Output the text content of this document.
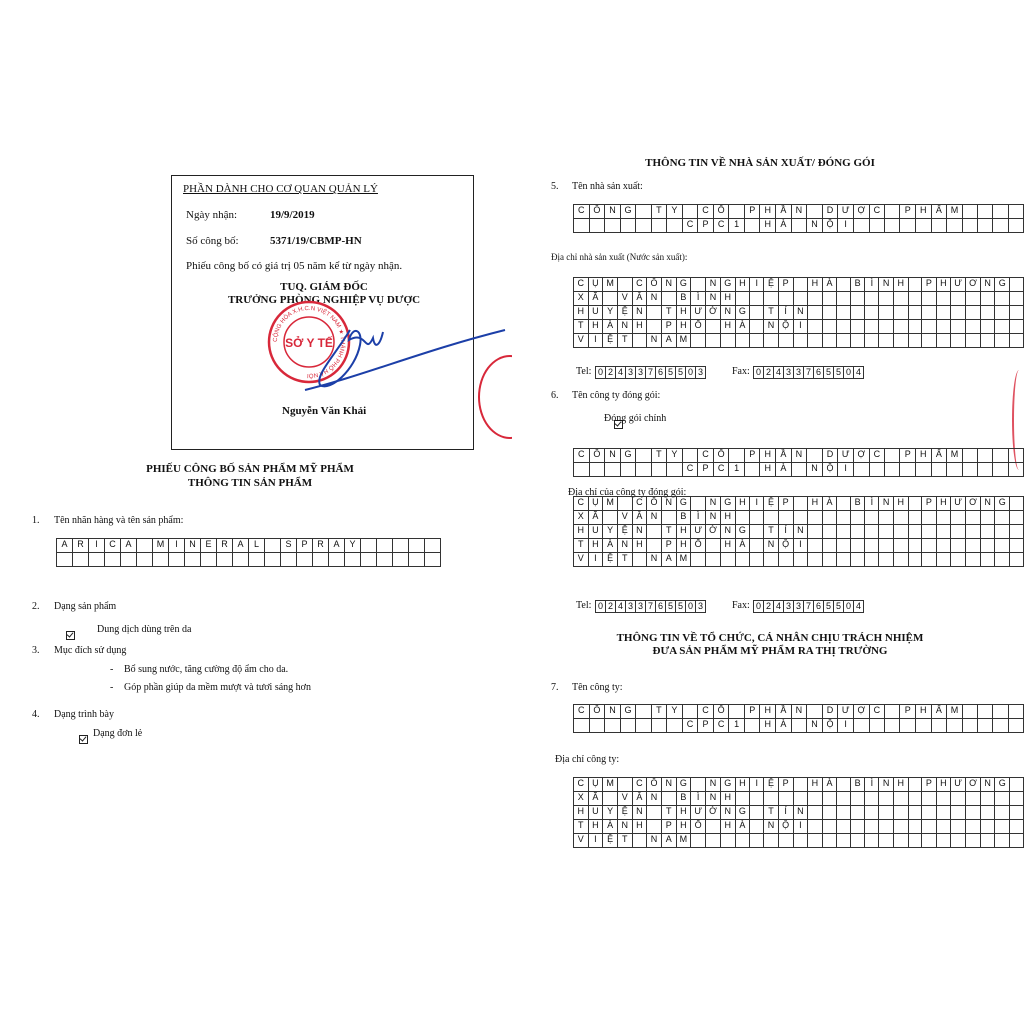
PHẦN DÀNH CHO CƠ QUAN QUẢN LÝ
Ngày nhận:	19/9/2019
Số công bố:	5371/19/CBMP-HN
Phiếu công bố có giá trị 05 năm kể từ ngày nhận.
TUQ. GIÁM ĐỐC
TRƯỞNG PHÒNG NGHIỆP VỤ DƯỢC
Nguyễn Văn Khải
SỞ Y TẾ
CỘNG HÒA X.H.C.N VIỆT NAM ★ THÀNH PHỐ HÀ NỘI
PHIẾU CÔNG BỐ SẢN PHẨM MỸ PHẨM
THÔNG TIN SẢN PHẨM
1. Tên nhãn hàng và tên sản phẩm:
A	R	I	C	A		M	I	N	E	R	A	L		S	P	R	A	Y					

2. Dạng sản phẩm

Dung dịch dùng trên da
3. Mục đích sử dụng
- Bổ sung nước, tăng cường độ ẩm cho da.
- Góp phần giúp da mềm mượt và tươi sáng hơn
4. Dạng trình bày

Dạng đơn lẻ
THÔNG TIN VỀ NHÀ SẢN XUẤT/ ĐÓNG GÓI
5. Tên nhà sản xuất:
C	Ô	N	G		T	Y		C	Ổ		P	H	Ầ	N		D	Ư	Ợ	C		P	H	Ẩ	M				
							C	P	C	1		H	À		N	Ộ	I											
Địa chỉ nhà sản xuất (Nước sản xuất):
C	Ụ	M		C	Ô	N	G		N	G	H	I	Ệ	P		H	À		B	Ì	N	H		P	H	Ư	Ơ	N	G	
X	Ã		V	Â	N		B	Ì	N	H																				
H	U	Y	Ệ	N		T	H	Ư	Ờ	N	G		T	Í	N															
T	H	À	N	H		P	H	Ố		H	À		N	Ộ	I															
V	I	Ệ	T		N	A	M																							
Tel: 0	2	4	3	3	7	6	5	5	0	3	Fax: 0	2	4	3	3	7	6	5	5	0	4
6. Tên công ty đóng gói:
Đóng gói chính
C	Ô	N	G		T	Y		C	Ổ		P	H	Ầ	N		D	Ư	Ợ	C		P	H	Ẩ	M				
							C	P	C	1		H	À		N	Ộ	I											
Địa chỉ của công ty đóng gói:
C	Ụ	M		C	Ô	N	G		N	G	H	I	Ệ	P		H	À		B	Ì	N	H		P	H	Ư	Ơ	N	G	
X	Ã		V	Â	N		B	Ì	N	H																				
H	U	Y	Ệ	N		T	H	Ư	Ờ	N	G		T	Í	N															
T	H	À	N	H		P	H	Ố		H	À		N	Ộ	I															
V	I	Ệ	T		N	A	M																							
Tel: 0	2	4	3	3	7	6	5	5	0	3	Fax: 0	2	4	3	3	7	6	5	5	0	4
THÔNG TIN VỀ TỔ CHỨC, CÁ NHÂN CHỊU TRÁCH NHIỆM
ĐƯA SẢN PHẨM MỸ PHẨM RA THỊ TRƯỜNG
7. Tên công ty:
C	Ô	N	G		T	Y		C	Ổ		P	H	Ầ	N		D	Ư	Ợ	C		P	H	Ẩ	M				
							C	P	C	1		H	À		N	Ộ	I											
Địa chỉ công ty:
C	Ụ	M		C	Ô	N	G		N	G	H	I	Ệ	P		H	À		B	Ì	N	H		P	H	Ư	Ơ	N	G	
X	Ã		V	Â	N		B	Ì	N	H																				
H	U	Y	Ệ	N		T	H	Ư	Ờ	N	G		T	Í	N															
T	H	À	N	H		P	H	Ố		H	À		N	Ộ	I															
V	I	Ệ	T		N	A	M																							
